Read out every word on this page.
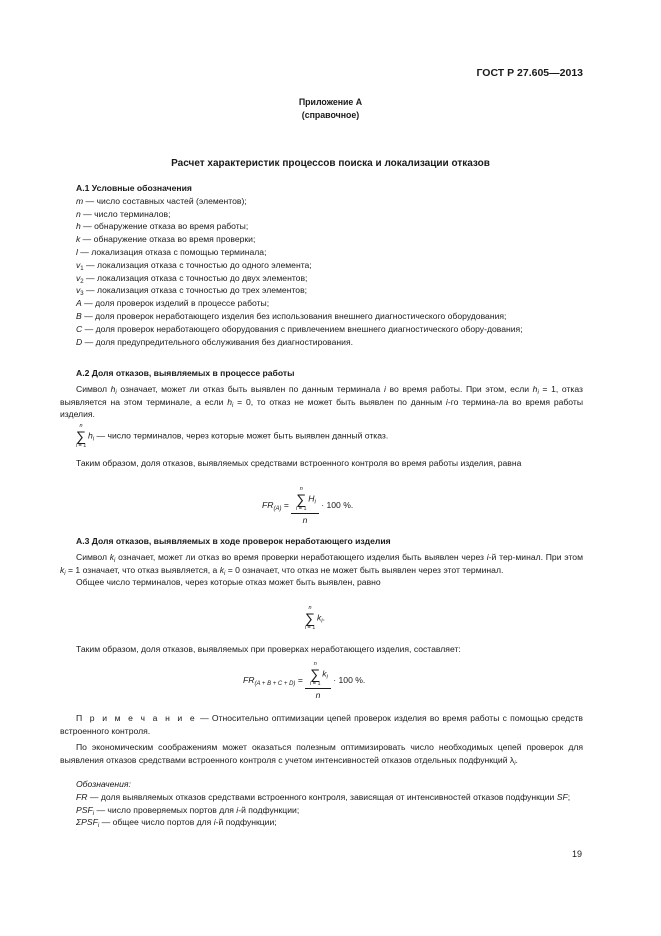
ГОСТ Р 27.605—2013
Приложение А
(справочное)
Расчет характеристик процессов поиска и локализации отказов
А.1 Условные обозначения
m — число составных частей (элементов);
n — число терминалов;
h — обнаружение отказа во время работы;
k — обнаружение отказа во время проверки;
l — локализация отказа с помощью терминала;
$v_1$ — локализация отказа с точностью до одного элемента;
$v_2$ — локализация отказа с точностью до двух элементов;
$v_3$ — локализация отказа с точностью до трех элементов;
A — доля проверок изделий в процессе работы;
B — доля проверок неработающего изделия без использования внешнего диагностического оборудования;
C — доля проверок неработающего оборудования с привлечением внешнего диагностического обору-дования;
D — доля предупредительного обслуживания без диагностирования.
А.2 Доля отказов, выявляемых в процессе работы
Символ $h_i$ означает, может ли отказ быть выявлен по данным терминала i во время работы. При этом, если $h_i = 1$, отказ выявляется на этом терминале, а если $h_i = 0$, то отказ не может быть выявлен по данным i-го термина-ла во время работы изделия.
n
∑
i = 1
$h_i$ — число терминалов, через которые может быть выявлен данный отказ.
Таким образом, доля отказов, выявляемых средствами встроенного контроля во время работы изделия, равна
$FR_{(A)} = n$
∑
i = 1
$H_i$
n · 100 %.
А.3 Доля отказов, выявляемых в ходе проверок неработающего изделия
Символ $k_i$ означает, может ли отказ во время проверки неработающего изделия быть выявлен через i-й тер-минал. При этом $k_i = 1$ означает, что отказ выявляется, а $k_i = 0$ означает, что отказ не может быть выявлен через этот терминал.
Общее число терминалов, через которые отказ может быть выявлен, равно
n
∑
i = 1
$k_i$.
Таким образом, доля отказов, выявляемых при проверках неработающего изделия, составляет:
$FR_{(A + B + C + D)} = n$
∑
i = 1
$k_i$
n · 100 %.
П р и м е ч а н и е — Относительно оптимизации цепей проверок изделия во время работы с помощью средств встроенного контроля.
По экономическим соображениям может оказаться полезным оптимизировать число необходимых цепей проверок для выявления отказов средствами встроенного контроля с учетом интенсивностей отказов отдельных подфункций $\lambda_i$.
Обозначения:
FR — доля выявляемых отказов средствами встроенного контроля, зависящая от интенсивностей отказов подфункции SF;
$PSF_i$ — число проверяемых портов для i-й подфункции;
$\Sigma PSF_i$ — общее число портов для i-й подфункции;
19
